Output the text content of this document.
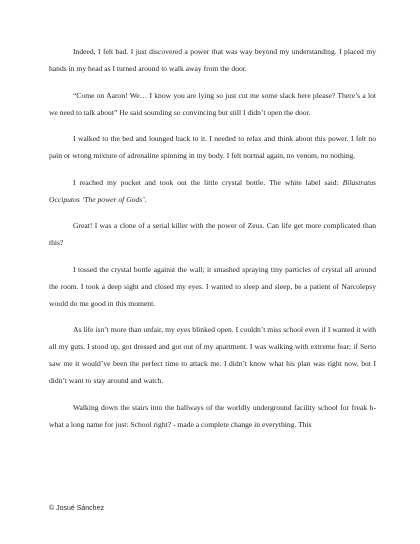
Indeed, I felt bad. I just discovered a power that was way beyond my understanding. I placed my hands in my head as I turned around to walk away from the door.

“Come on Aaron! We… I know you are lying so just cut me some slack here please? There’s a lot we need to talk about” He said sounding so convincing but still I didn’t open the door.

I walked to the bed and lounged back to it. I needed to relax and think about this power. I felt no pain or wrong mixture of adrenaline spinning in my body. I felt normal again, no venom, no nothing.

I reached my pocket and took out the little crystal bottle. The white label said: Bilastratus Occiputos ‘The power of Gods’.

Great! I was a clone of a serial killer with the power of Zeus. Can life get more complicated than this?

I tossed the crystal bottle against the wall; it smashed spraying tiny particles of crystal all around the room. I took a deep sight and closed my eyes. I wanted to sleep and sleep, be a patient of Narcolepsy would do me good in this moment.

As life isn’t more than unfair, my eyes blinked open. I couldn’t miss school even if I wanted it with all my guts. I stood up, got dressed and got out of my apartment. I was walking with extreme fear; if Serto saw me it would’ve been the perfect time to attack me. I didn’t know what his plan was right now, but I didn’t want to stay around and watch.

Walking down the stairs into the hallways of the worldly underground facility school for freak h-what a long name for just: School right? - made a complete change in everything. This

© Josué Sánchez
